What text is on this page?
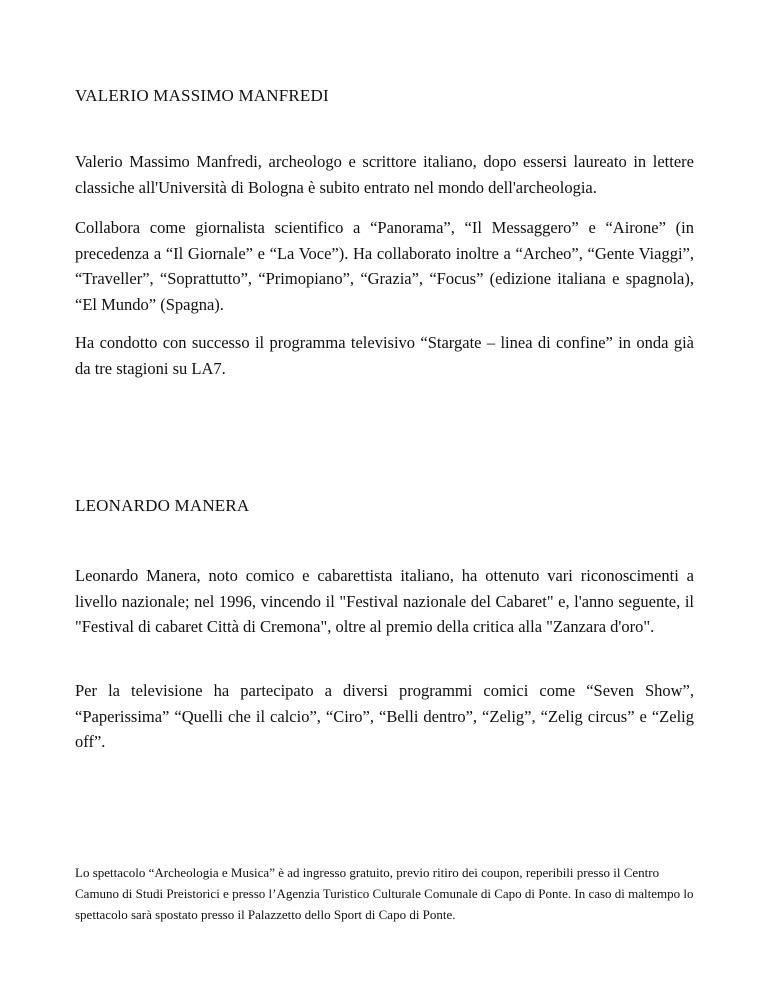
VALERIO MASSIMO MANFREDI

Valerio Massimo Manfredi, archeologo e scrittore italiano, dopo essersi laureato in lettere classiche all'Università di Bologna è subito entrato nel mondo dell'archeologia.

Collabora come giornalista scientifico a “Panorama”, “Il Messaggero” e “Airone” (in precedenza a “Il Giornale” e “La Voce”). Ha collaborato inoltre a “Archeo”, “Gente Viaggi”, “Traveller”, “Soprattutto”, “Primopiano”, “Grazia”, “Focus” (edizione italiana e spagnola), “El Mundo” (Spagna).

Ha condotto con successo il programma televisivo “Stargate – linea di confine” in onda già da tre stagioni su LA7.

LEONARDO MANERA

Leonardo Manera, noto comico e cabarettista italiano, ha ottenuto vari riconoscimenti a livello nazionale; nel 1996, vincendo il "Festival nazionale del Cabaret" e, l'anno seguente, il "Festival di cabaret Città di Cremona", oltre al premio della critica alla "Zanzara d'oro".

Per la televisione ha partecipato a diversi programmi comici come “Seven Show”, “Paperissima” “Quelli che il calcio”, “Ciro”, “Belli dentro”, “Zelig”, “Zelig circus” e “Zelig off”.

Lo spettacolo “Archeologia e Musica” è ad ingresso gratuito, previo ritiro dei coupon, reperibili presso il Centro Camuno di Studi Preistorici e presso l’Agenzia Turistico Culturale Comunale di Capo di Ponte. In caso di maltempo lo spettacolo sarà spostato presso il Palazzetto dello Sport di Capo di Ponte.
